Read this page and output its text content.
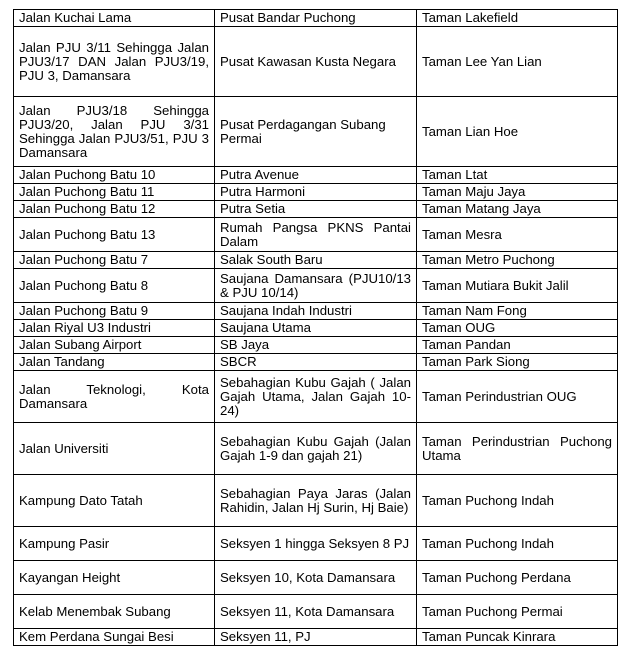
Jalan Kuchai Lama	Pusat Bandar Puchong	Taman Lakefield
Jalan PJU 3/11 Sehingga Jalan PJU3/17 DAN Jalan PJU3/19, PJU 3, Damansara	Pusat Kawasan Kusta Negara	Taman Lee Yan Lian
Jalan PJU3/18 Sehingga PJU3/20, Jalan PJU 3/31 Sehingga Jalan PJU3/51, PJU 3 Damansara	Pusat Perdagangan Subang Permai	Taman Lian Hoe
Jalan Puchong Batu 10	Putra Avenue	Taman Ltat
Jalan Puchong Batu 11	Putra Harmoni	Taman Maju Jaya
Jalan Puchong Batu 12	Putra Setia	Taman Matang Jaya
Jalan Puchong Batu 13	Rumah Pangsa PKNS Pantai Dalam	Taman Mesra
Jalan Puchong Batu 7	Salak South Baru	Taman Metro Puchong
Jalan Puchong Batu 8	Saujana Damansara (PJU10/13 & PJU 10/14)	Taman Mutiara Bukit Jalil
Jalan Puchong Batu 9	Saujana Indah Industri	Taman Nam Fong
Jalan Riyal U3 Industri	Saujana Utama	Taman OUG
Jalan Subang Airport	SB Jaya	Taman Pandan
Jalan Tandang	SBCR	Taman Park Siong
Jalan Teknologi, Kota Damansara	Sebahagian Kubu Gajah ( Jalan Gajah Utama, Jalan Gajah 10-24)	Taman Perindustrian OUG
Jalan Universiti	Sebahagian Kubu Gajah (Jalan Gajah 1-9 dan gajah 21)	Taman Perindustrian Puchong Utama
Kampung Dato Tatah	Sebahagian Paya Jaras (Jalan Rahidin, Jalan Hj Surin, Hj Baie)	Taman Puchong Indah
Kampung Pasir	Seksyen 1 hingga Seksyen 8 PJ	Taman Puchong Indah
Kayangan Height	Seksyen 10, Kota Damansara	Taman Puchong Perdana
Kelab Menembak Subang	Seksyen 11, Kota Damansara	Taman Puchong Permai
Kem Perdana Sungai Besi	Seksyen 11, PJ	Taman Puncak Kinrara
